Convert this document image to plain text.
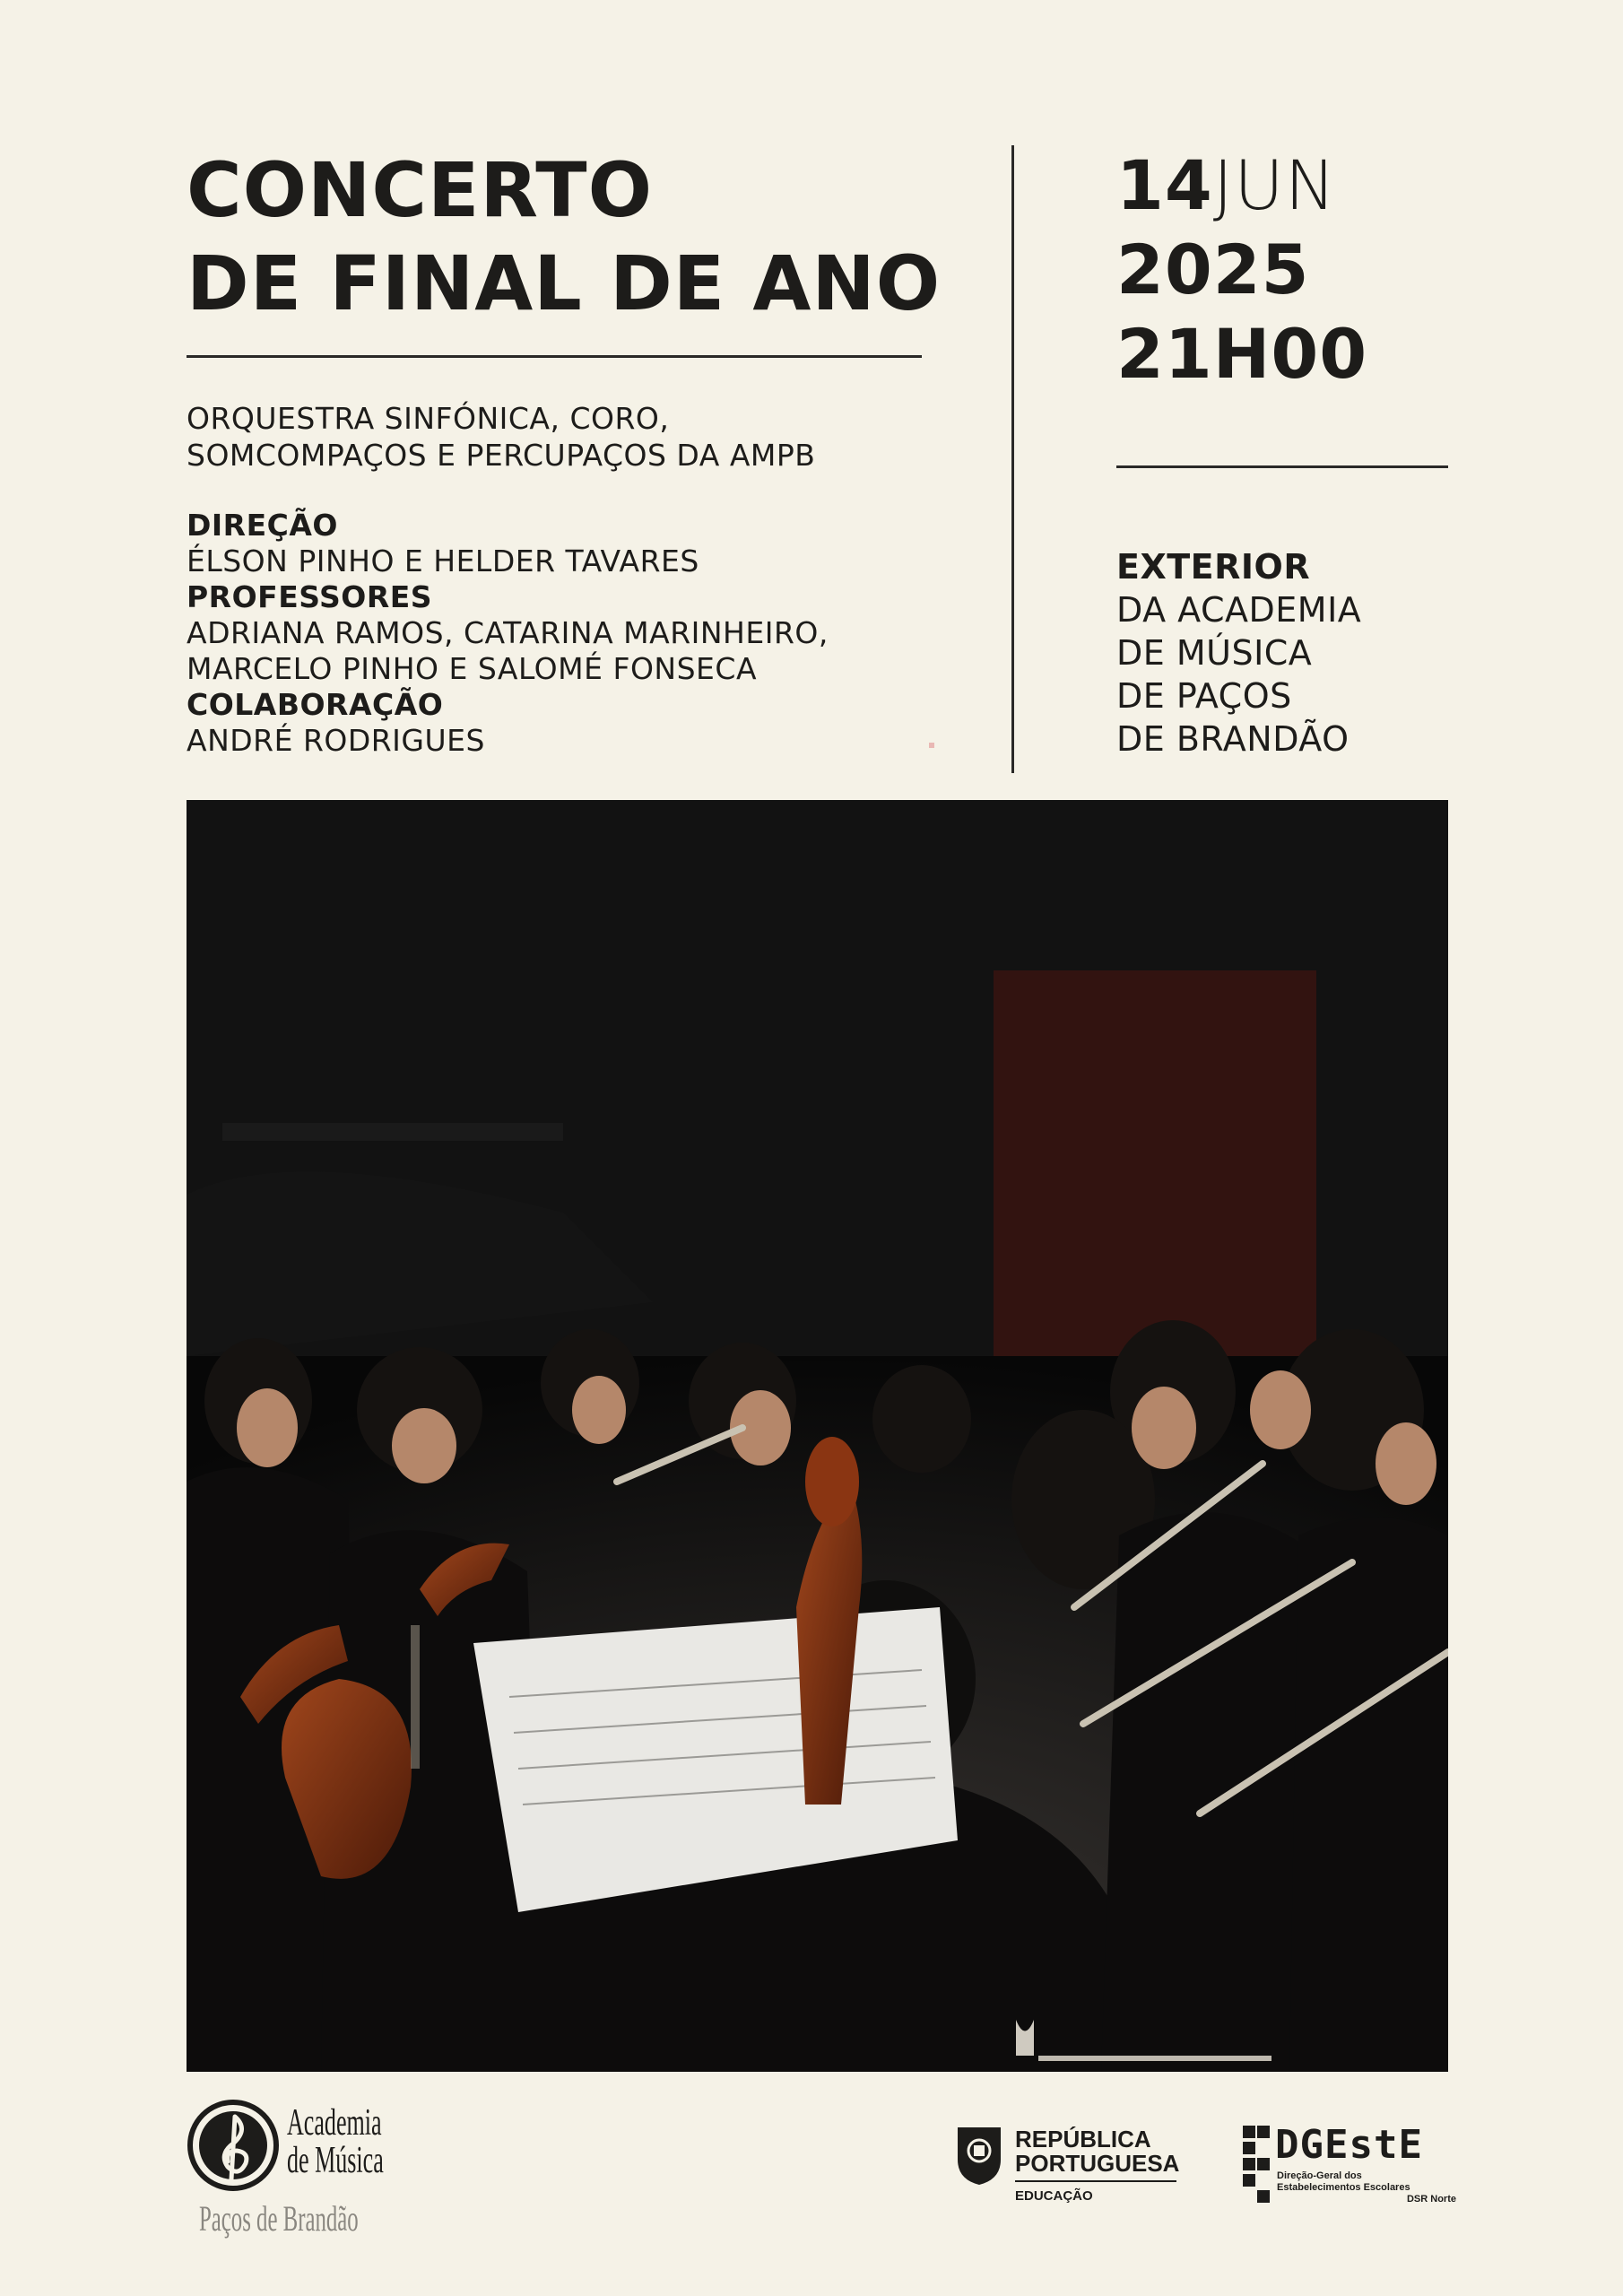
CONCERTO
DE FINAL DE ANO
ORQUESTRA SINFÓNICA, CORO,
SOMCOMPAÇOS E PERCUPAÇOS DA AMPB
DIREÇÃO
ÉLSON PINHO E HELDER TAVARES
PROFESSORES
ADRIANA RAMOS, CATARINA MARINHEIRO,
MARCELO PINHO E SALOMÉ FONSECA
COLABORAÇÃO
ANDRÉ RODRIGUES
14JUN
2025
21H00
EXTERIOR
DA ACADEMIA
DE MÚSICA
DE PAÇOS
DE BRANDÃO
Academia
de Música
Paços de Brandão
REPÚBLICA
PORTUGUESA
EDUCAÇÃO
DGEstE
Direção-Geral dos
Estabelecimentos Escolares
DSR Norte
